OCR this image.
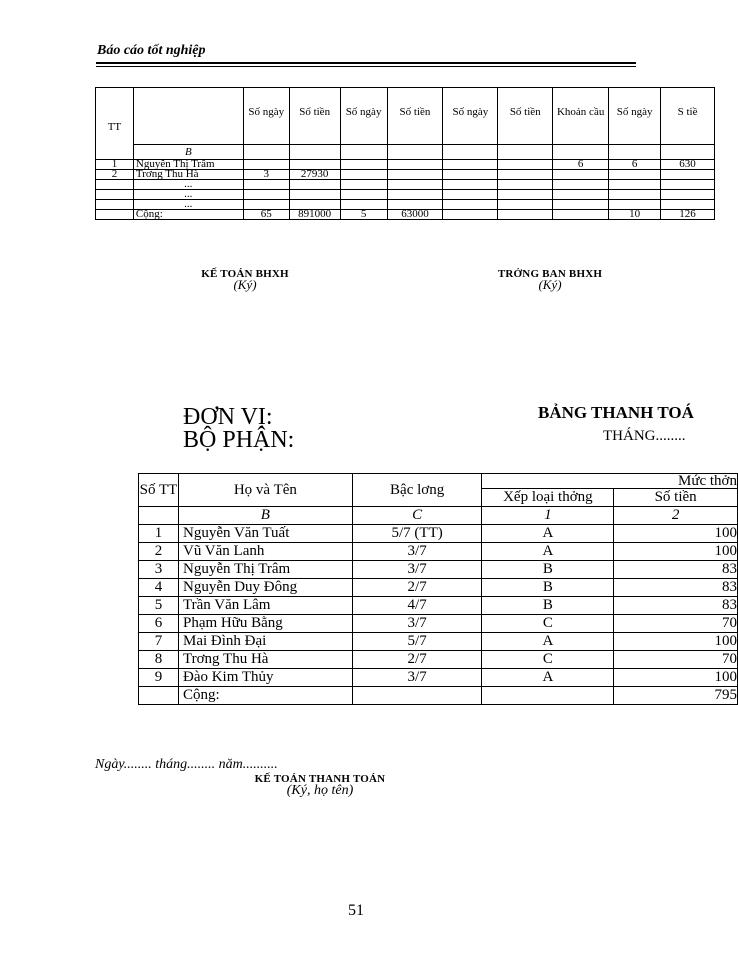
Báo cáo tốt nghiệp
TT		Số ngày	Số tiền	Số ngày	Số tiền	Số ngày	Số tiền	Khoản cầu	Số ngày	S tiề
	B									
1	Nguyễn Thị Trâm							6	6	630
2	Trơng Thu Hà	3	27930							
	...									
	...									
	...									
	Cộng:	65	891000	5	63000				10	126
KẾ TOÁN BHXH
(Ký)
TRỞNG BAN BHXH
(Ký)
ĐƠN VỊ:
BỘ PHẬN:
BẢNG THANH TOÁ
THÁNG........
Số TT	Họ và Tên	Bậc lơng	Mức thởn	
			Xếp loại thởng	Số tiền
	B	C	1	2
1	Nguyễn Văn Tuất	5/7 (TT)	A	100
2	Vũ Văn Lanh	3/7	A	100
3	Nguyễn Thị Trâm	3/7	B	83
4	Nguyễn Duy Đông	2/7	B	83
5	Trần Văn Lâm	4/7	B	83
6	Phạm Hữu Bằng	3/7	C	70
7	Mai Đình Đại	5/7	A	100
8	Trơng Thu Hà	2/7	C	70
9	Đào Kim Thủy	3/7	A	100
	Cộng:			795
Ngày........ tháng........ năm..........
KẾ TOÁN THANH TOÁN
(Ký, họ tên)
51
